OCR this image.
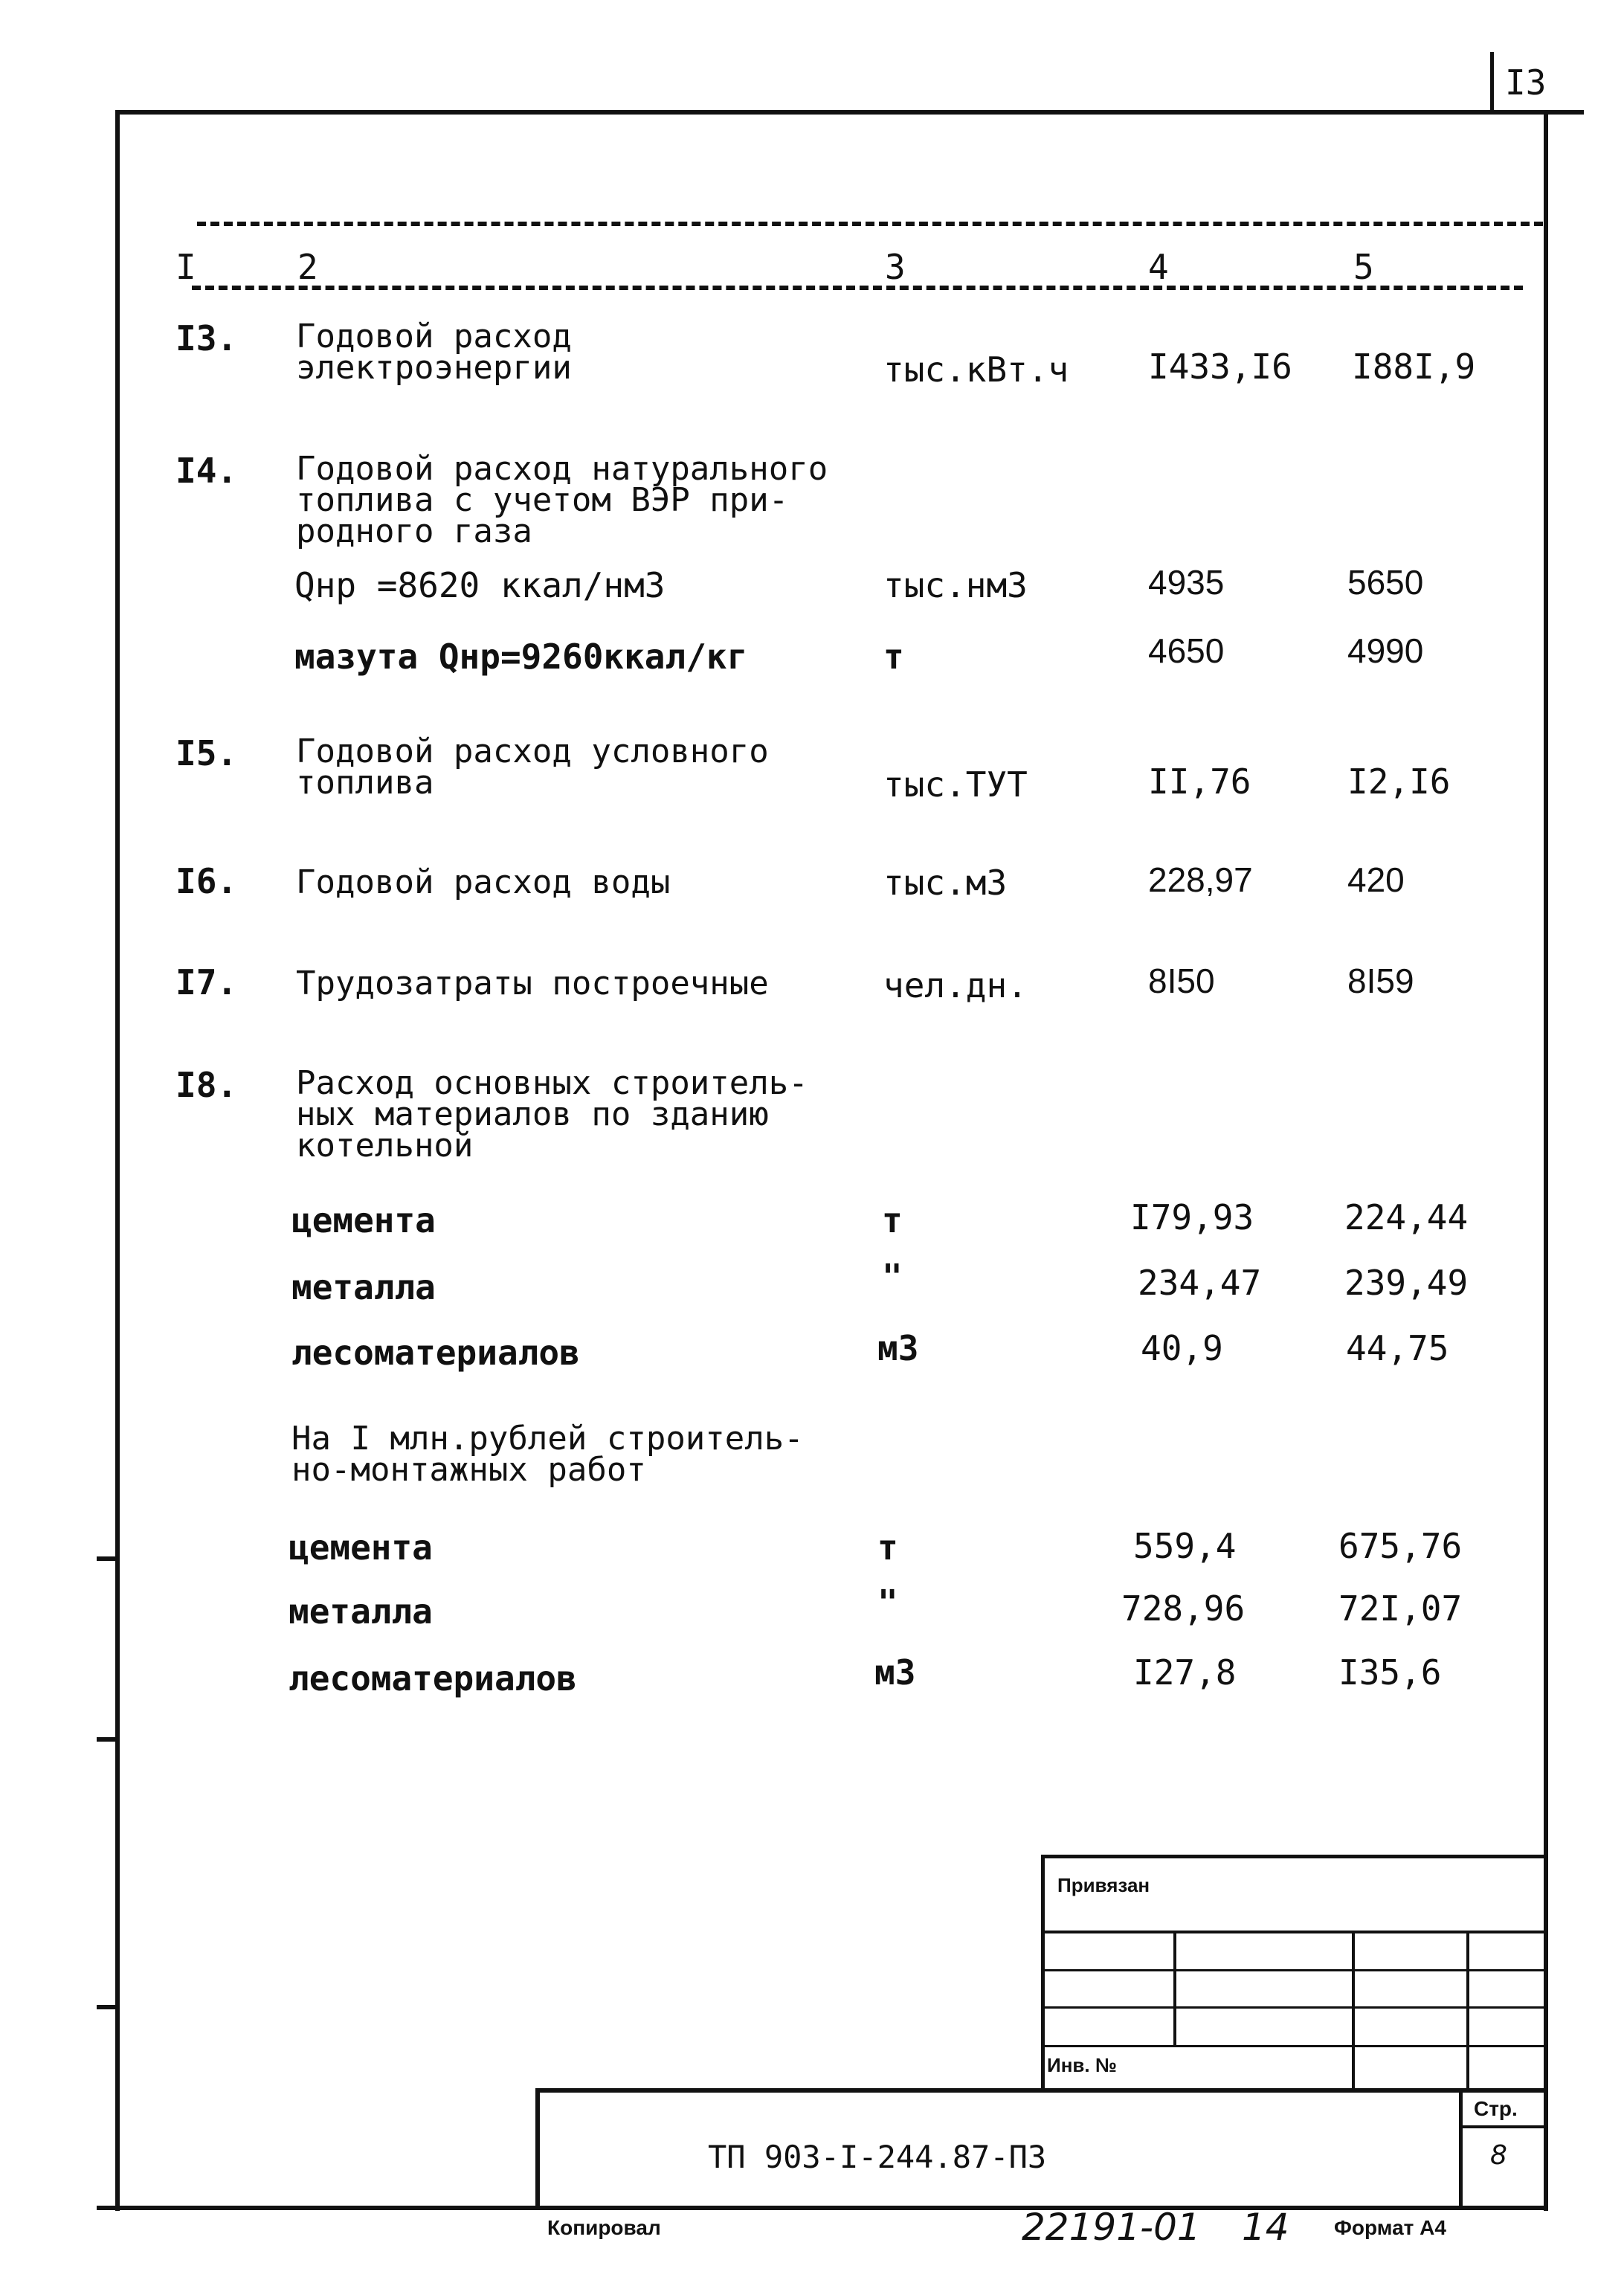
I3
I	2	3	4	5
I3. Годовой расход
электроэнергии	тыс.кВт.ч I433,I6 I88I,9
I4. Годовой расход натурального
топлива с учетом ВЭР при-
родного газа
Qнр =8620 ккал/нм3	тыс.нм3	4935	5650
мазута Qнр=9260ккал/кг	т	4650	4990
I5. Годовой расход условного
топлива	тыс.ТУТ	II,76	I2,I6
I6. Годовой расход воды	тыс.м3	228,97	420
I7. Трудозатраты построечные	чел.дн.	8I50	8I59
I8. Расход основных строитель-
ных материалов по зданию
котельной
цемента	т	I79,93	224,44
металла	"	234,47 239,49
лесоматериалов	м3	40,9	44,75
На I млн.рублей строитель-
но-монтажных работ
цемента	т	559,4	675,76
металла	"	728,96	72I,07
лесоматериалов	м3	I27,8	I35,6
Привязан
Инв. №
ТП 903-I-244.87-ПЗ
Стр.
8
Копировал	22191-01 14 Формат А4
